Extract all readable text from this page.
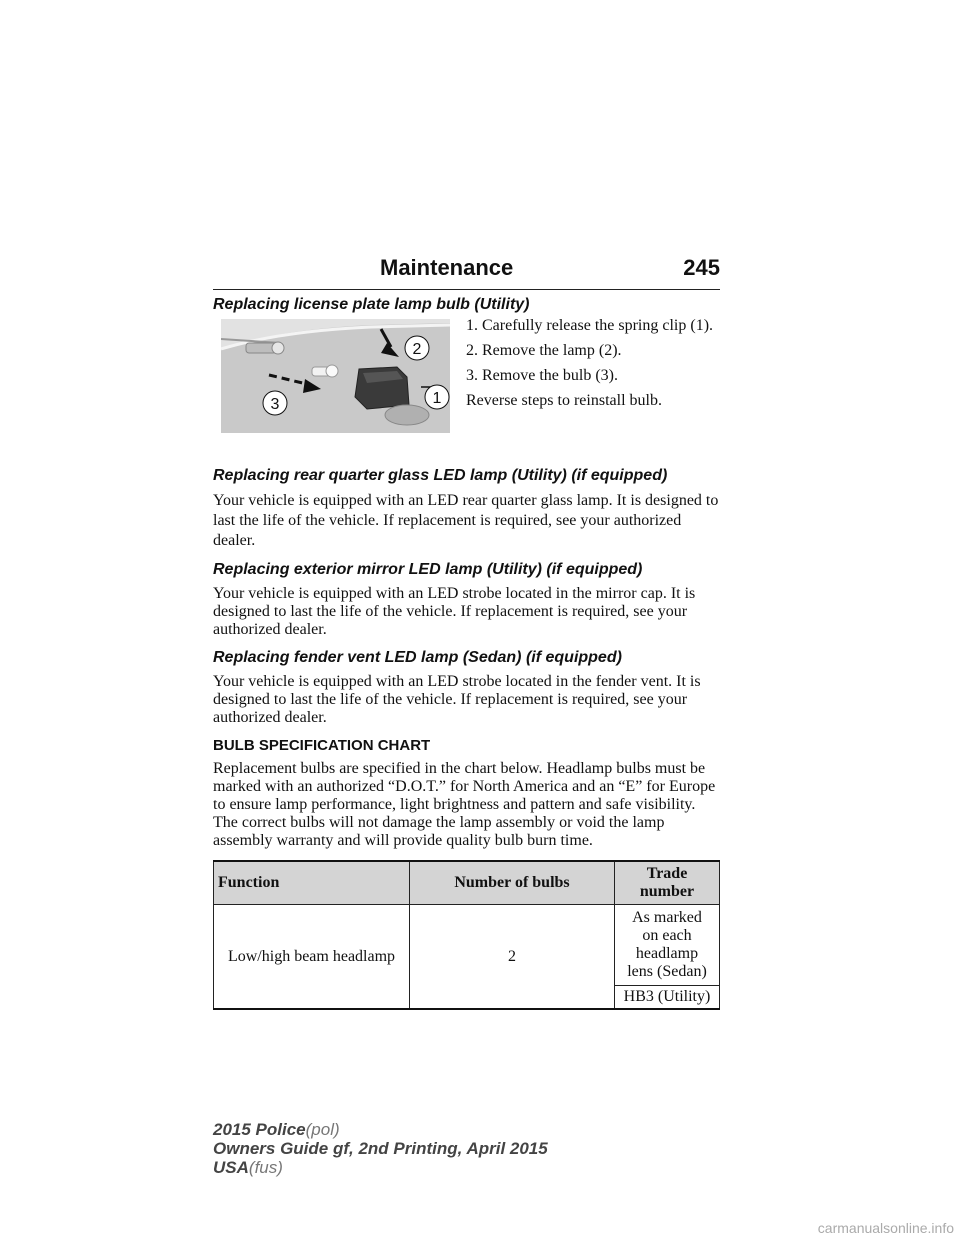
Maintenance	245
Replacing license plate lamp bulb (Utility)
2
1
3

1. Carefully release the spring clip (1).

2. Remove the lamp (2).

3. Remove the bulb (3).

Reverse steps to reinstall bulb.

Replacing rear quarter glass LED lamp (Utility) (if equipped)

Your vehicle is equipped with an LED rear quarter glass lamp. It is designed to last the life of the vehicle. If replacement is required, see your authorized dealer.

Replacing exterior mirror LED lamp (Utility) (if equipped)

Your vehicle is equipped with an LED strobe located in the mirror cap. It is designed to last the life of the vehicle. If replacement is required, see your authorized dealer.

Replacing fender vent LED lamp (Sedan) (if equipped)

Your vehicle is equipped with an LED strobe located in the fender vent. It is designed to last the life of the vehicle. If replacement is required, see your authorized dealer.

BULB SPECIFICATION CHART

Replacement bulbs are specified in the chart below. Headlamp bulbs must be marked with an authorized “D.O.T.” for North America and an “E” for Europe to ensure lamp performance, light brightness and pattern and safe visibility. The correct bulbs will not damage the lamp assembly or void the lamp assembly warranty and will provide quality bulb burn time.

Function	Number of bulbs	Trade number
Low/high beam headlamp	2	As marked on each headlamp lens (Sedan)
		HB3 (Utility)
2015 Police(pol)
Owners Guide gf, 2nd Printing, April 2015
USA(fus)
carmanualsonline.info
